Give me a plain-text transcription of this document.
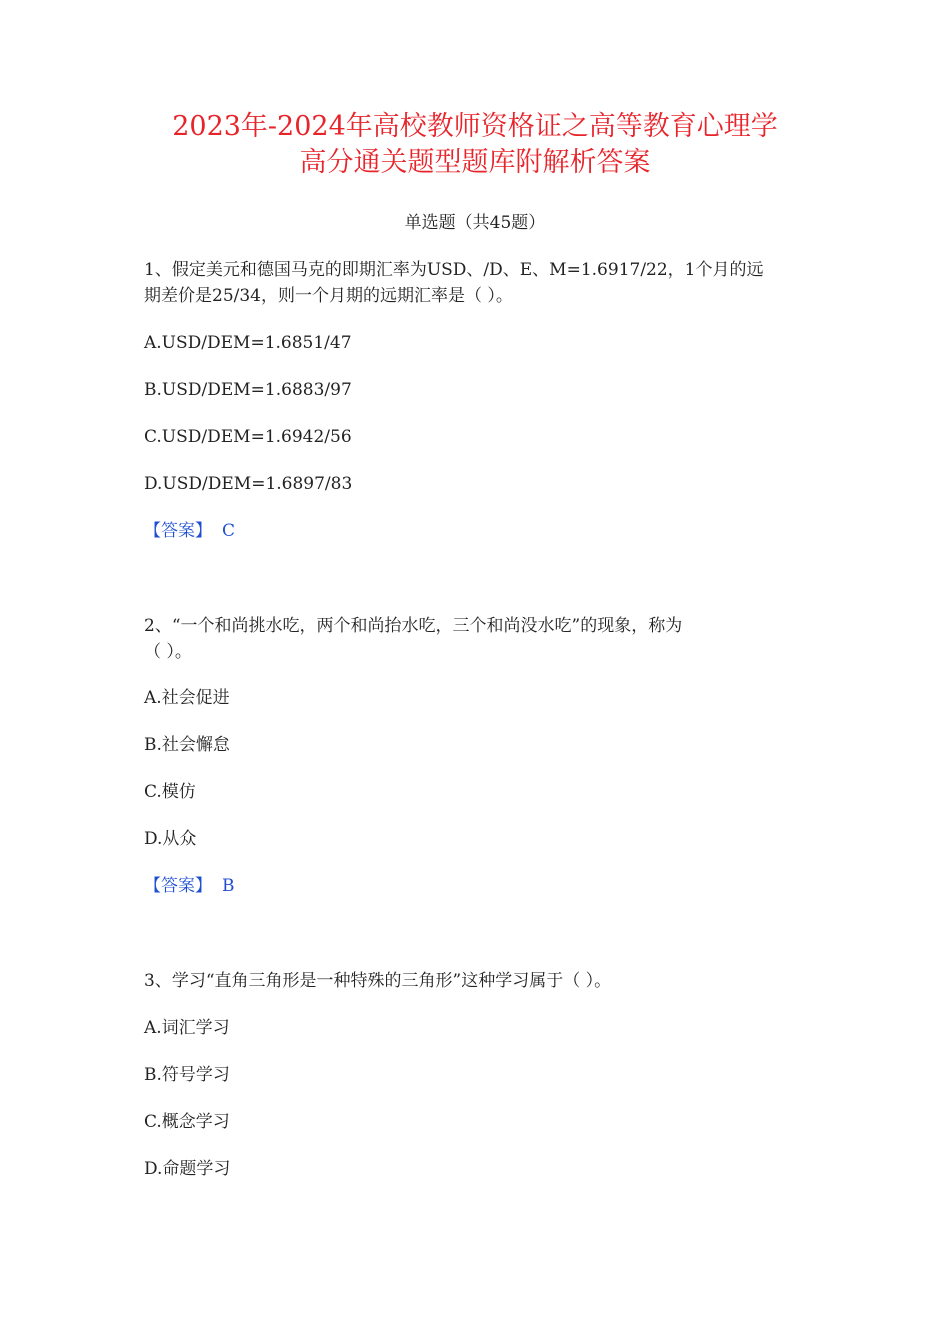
2023年-2024年高校教师资格证之高等教育心理学
高分通关题型题库附解析答案
单选题（共45题）
1、假定美元和德国马克的即期汇率为USD、/D、E、M=1.6917/22，1个月的远
期差价是25/34，则一个月期的远期汇率是（ ）。
A.USD/DEM=1.6851/47
B.USD/DEM=1.6883/97
C.USD/DEM=1.6942/56
D.USD/DEM=1.6897/83
【答案】 C
2、“一个和尚挑水吃，两个和尚抬水吃，三个和尚没水吃”的现象，称为
（ ）。
A.社会促进
B.社会懈怠
C.模仿
D.从众
【答案】 B
3、学习“直角三角形是一种特殊的三角形”这种学习属于（ ）。
A.词汇学习
B.符号学习
C.概念学习
D.命题学习
